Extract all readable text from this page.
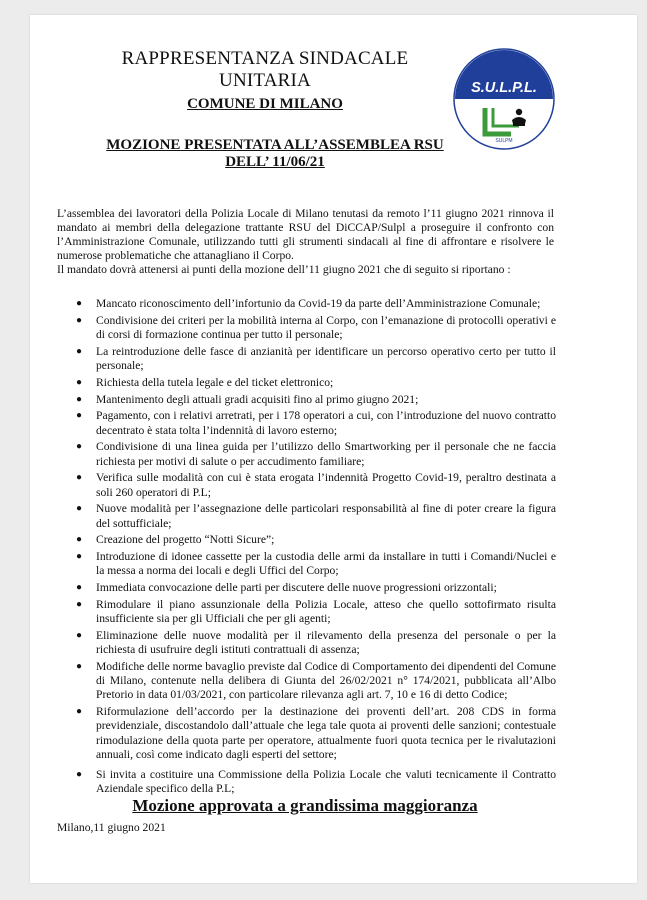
RAPPRESENTANZA SINDACALE
UNITARIA
COMUNE DI MILANO
S.U.L.P.L.
SULPM
MOZIONE PRESENTATA ALL’ASSEMBLEA RSU
DELL’ 11/06/21

L’assemblea dei lavoratori della Polizia Locale di Milano tenutasi da remoto l’11 giugno 2021 rinnova il mandato ai membri della delegazione trattante RSU del DiCCAP/Sulpl a proseguire il confronto con l’Amministrazione Comunale, utilizzando tutti gli strumenti sindacali al fine di affrontare e risolvere le numerose problematiche che attanagliano il Corpo.

Il mandato dovrà attenersi ai punti della mozione dell’11 giugno 2021 che di seguito si riportano :

● Mancato riconoscimento dell’infortunio da Covid-19 da parte dell’Amministrazione Comunale;
● Condivisione dei criteri per la mobilità interna al Corpo, con l’emanazione di protocolli operativi e di corsi di formazione continua per tutto il personale;
● La reintroduzione delle fasce di anzianità per identificare un percorso operativo certo per tutto il personale;
● Richiesta della tutela legale e del ticket elettronico;
● Mantenimento degli attuali gradi acquisiti fino al primo giugno 2021;
● Pagamento, con i relativi arretrati, per i 178 operatori a cui, con l’introduzione del nuovo contratto decentrato è stata tolta l’indennità di lavoro esterno;
● Condivisione di una linea guida per l’utilizzo dello Smartworking per il personale che ne faccia richiesta per motivi di salute o per accudimento familiare;
● Verifica sulle modalità con cui è stata erogata l’indennità Progetto Covid-19, peraltro destinata a soli 260 operatori di P.L;
● Nuove modalità per l’assegnazione delle particolari responsabilità al fine di poter creare la figura del sottufficiale;
● Creazione del progetto “Notti Sicure”;
● Introduzione di idonee cassette per la custodia delle armi da installare in tutti i Comandi/Nuclei e la messa a norma dei locali e degli Uffici del Corpo;
● Immediata convocazione delle parti per discutere delle nuove progressioni orizzontali;
● Rimodulare il piano assunzionale della Polizia Locale, atteso che quello sottofirmato risulta insufficiente sia per gli Ufficiali che per gli agenti;
● Eliminazione delle nuove modalità per il rilevamento della presenza del personale o per la richiesta di usufruire degli istituti contrattuali di assenza;
● Modifiche delle norme bavaglio previste dal Codice di Comportamento dei dipendenti del Comune di Milano, contenute nella delibera di Giunta del 26/02/2021 n° 174/2021, pubblicata all’Albo Pretorio in data 01/03/2021, con particolare rilevanza agli art. 7, 10 e 16 di detto Codice;
● Riformulazione dell’accordo per la destinazione dei proventi dell’art. 208 CDS in forma previdenziale, discostandolo dall’attuale che lega tale quota ai proventi delle sanzioni; contestuale rimodulazione della quota parte per operatore, attualmente fuori quota tecnica per le rivalutazioni annuali, così come indicato dagli esperti del settore;
● Si invita a costituire una Commissione della Polizia Locale che valuti tecnicamente il Contratto Aziendale specifico della P.L;
Mozione approvata a grandissima maggioranza
Milano,11 giugno 2021
